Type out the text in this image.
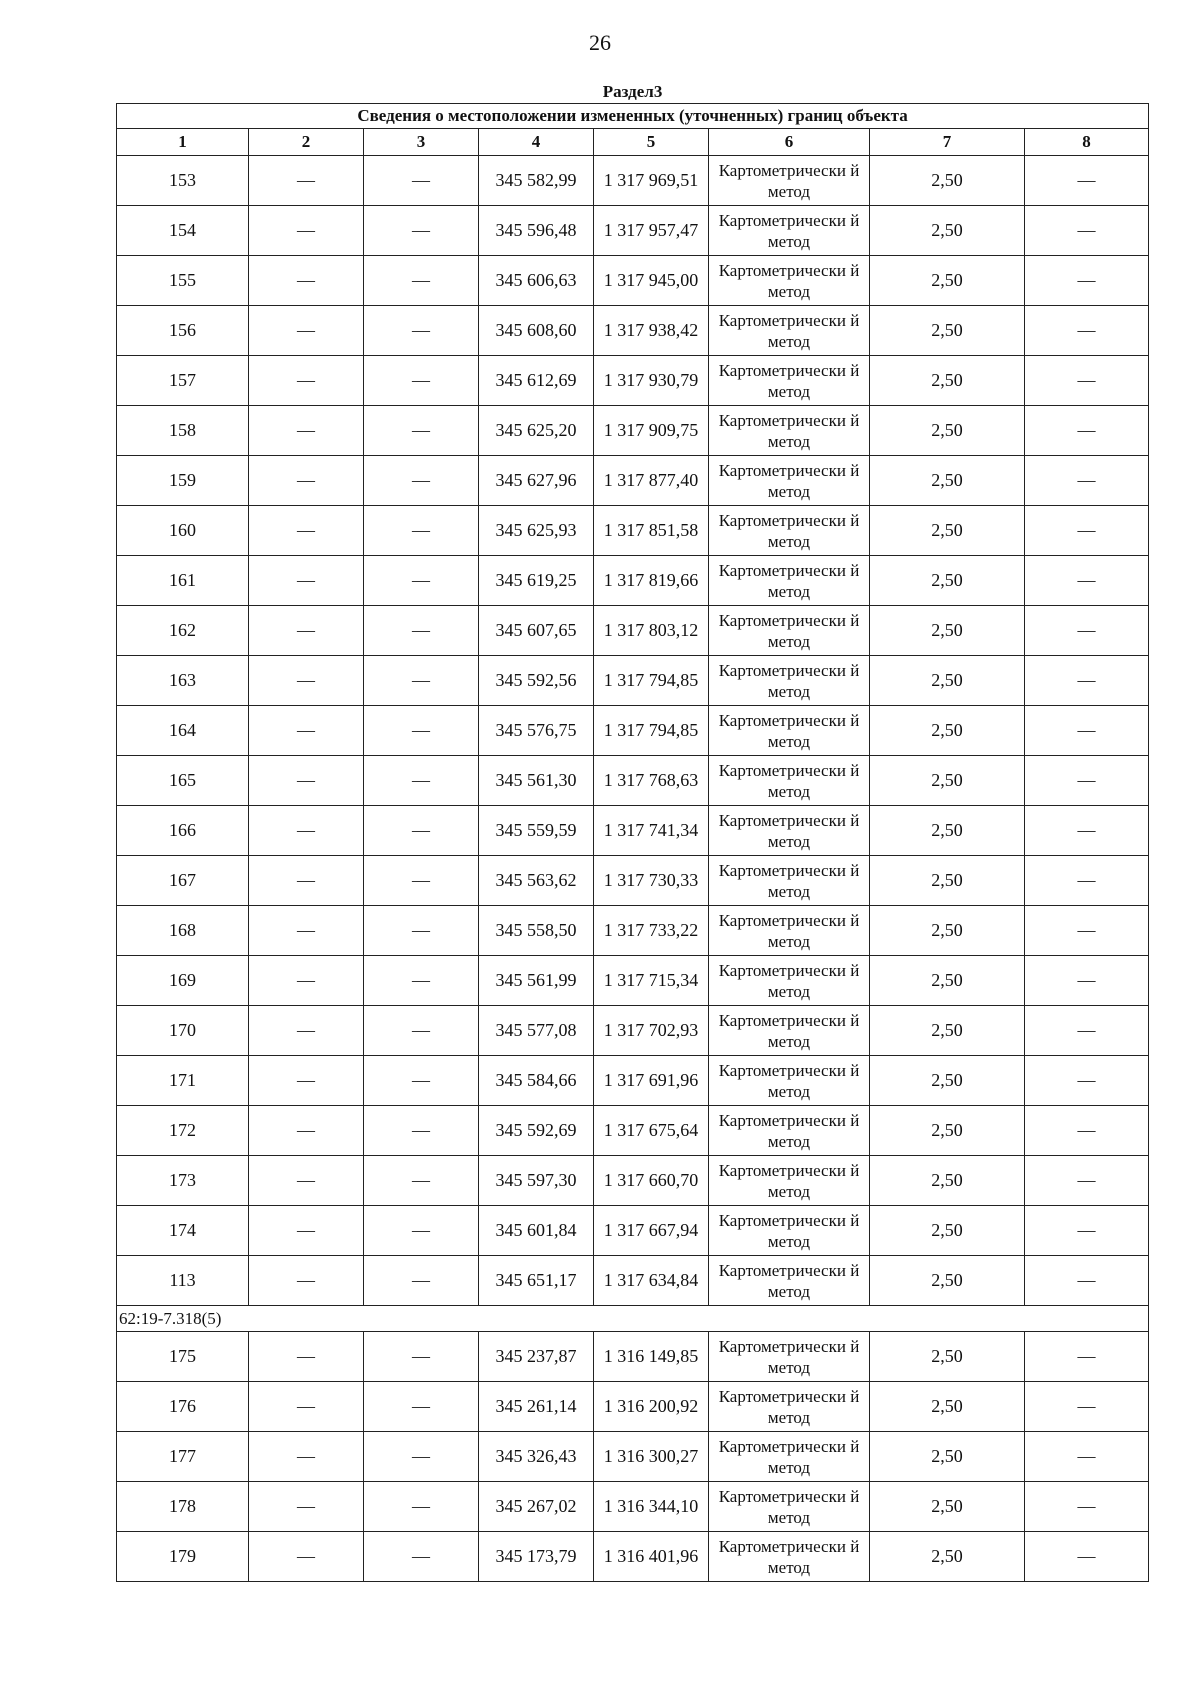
26
Раздел3							
Сведения о местоположении измененных (уточненных) границ объекта							
1	2	3	4	5	6	7	8
153	—	—	345 582,99	1 317 969,51	Картометрически й метод	2,50	—
154	—	—	345 596,48	1 317 957,47	Картометрически й метод	2,50	—
155	—	—	345 606,63	1 317 945,00	Картометрически й метод	2,50	—
156	—	—	345 608,60	1 317 938,42	Картометрически й метод	2,50	—
157	—	—	345 612,69	1 317 930,79	Картометрически й метод	2,50	—
158	—	—	345 625,20	1 317 909,75	Картометрически й метод	2,50	—
159	—	—	345 627,96	1 317 877,40	Картометрически й метод	2,50	—
160	—	—	345 625,93	1 317 851,58	Картометрически й метод	2,50	—
161	—	—	345 619,25	1 317 819,66	Картометрически й метод	2,50	—
162	—	—	345 607,65	1 317 803,12	Картометрически й метод	2,50	—
163	—	—	345 592,56	1 317 794,85	Картометрически й метод	2,50	—
164	—	—	345 576,75	1 317 794,85	Картометрически й метод	2,50	—
165	—	—	345 561,30	1 317 768,63	Картометрически й метод	2,50	—
166	—	—	345 559,59	1 317 741,34	Картометрически й метод	2,50	—
167	—	—	345 563,62	1 317 730,33	Картометрически й метод	2,50	—
168	—	—	345 558,50	1 317 733,22	Картометрически й метод	2,50	—
169	—	—	345 561,99	1 317 715,34	Картометрически й метод	2,50	—
170	—	—	345 577,08	1 317 702,93	Картометрически й метод	2,50	—
171	—	—	345 584,66	1 317 691,96	Картометрически й метод	2,50	—
172	—	—	345 592,69	1 317 675,64	Картометрически й метод	2,50	—
173	—	—	345 597,30	1 317 660,70	Картометрически й метод	2,50	—
174	—	—	345 601,84	1 317 667,94	Картометрически й метод	2,50	—
113	—	—	345 651,17	1 317 634,84	Картометрически й метод	2,50	—
62:19-7.318(5)							
175	—	—	345 237,87	1 316 149,85	Картометрически й метод	2,50	—
176	—	—	345 261,14	1 316 200,92	Картометрически й метод	2,50	—
177	—	—	345 326,43	1 316 300,27	Картометрически й метод	2,50	—
178	—	—	345 267,02	1 316 344,10	Картометрически й метод	2,50	—
179	—	—	345 173,79	1 316 401,96	Картометрически й метод	2,50	—
